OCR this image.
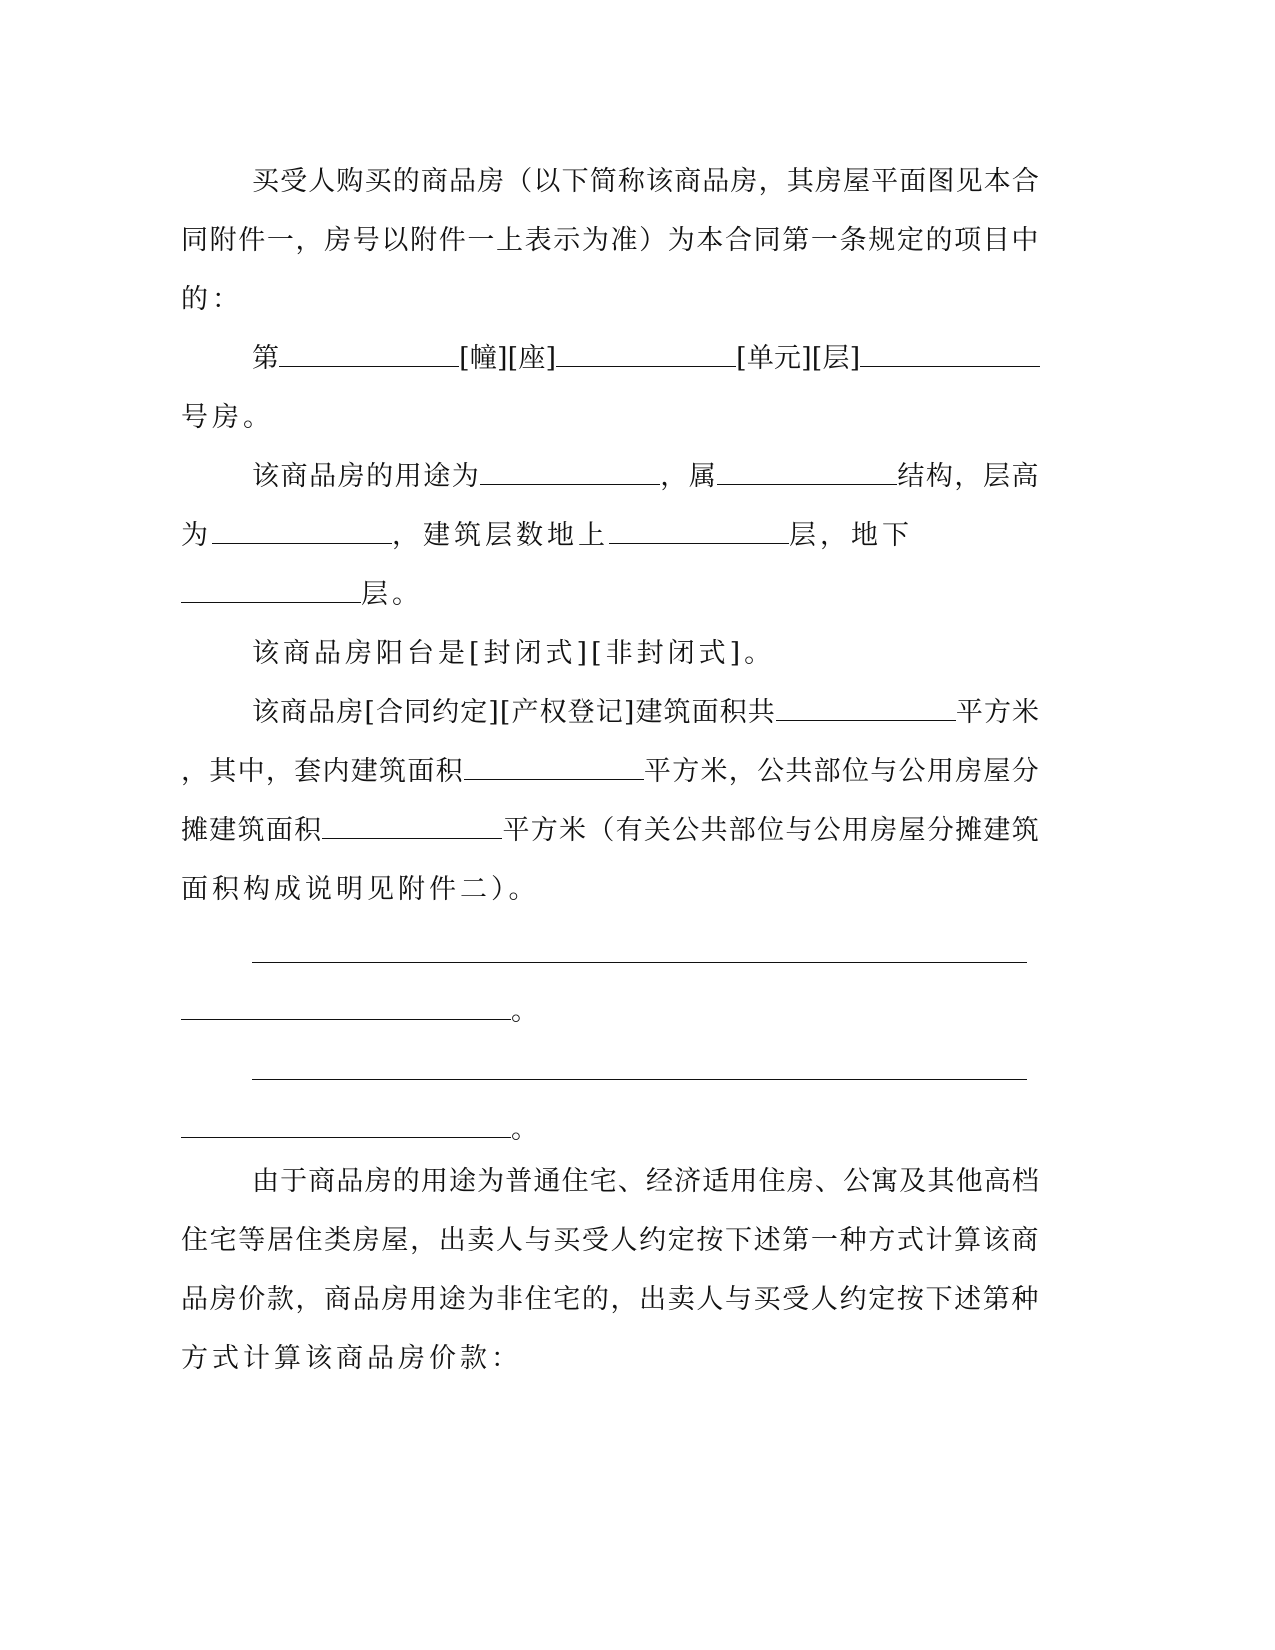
买受人购买的商品房（以下简称该商品房，其房屋平面图见本合
同附件一，房号以附件一上表示为准）为本合同第一条规定的项目中
的：
第	[幢][座]	[单元][层]
号房。
该商品房的用途为	，属	结构，层高
为	，建筑层数地上	层，地下
层。
该商品房阳台是[封闭式][非封闭式]。
该商品房[合同约定][产权登记]建筑面积共	平方米
，其中，套内建筑面积	平方米，公共部位与公用房屋分
摊建筑面积	平方米（有关公共部位与公用房屋分摊建筑
面积构成说明见附件二）。
。
。
由于商品房的用途为普通住宅、经济适用住房、公寓及其他高档
住宅等居住类房屋，出卖人与买受人约定按下述第一种方式计算该商
品房价款，商品房用途为非住宅的，出卖人与买受人约定按下述第种
方式计算该商品房价款：
